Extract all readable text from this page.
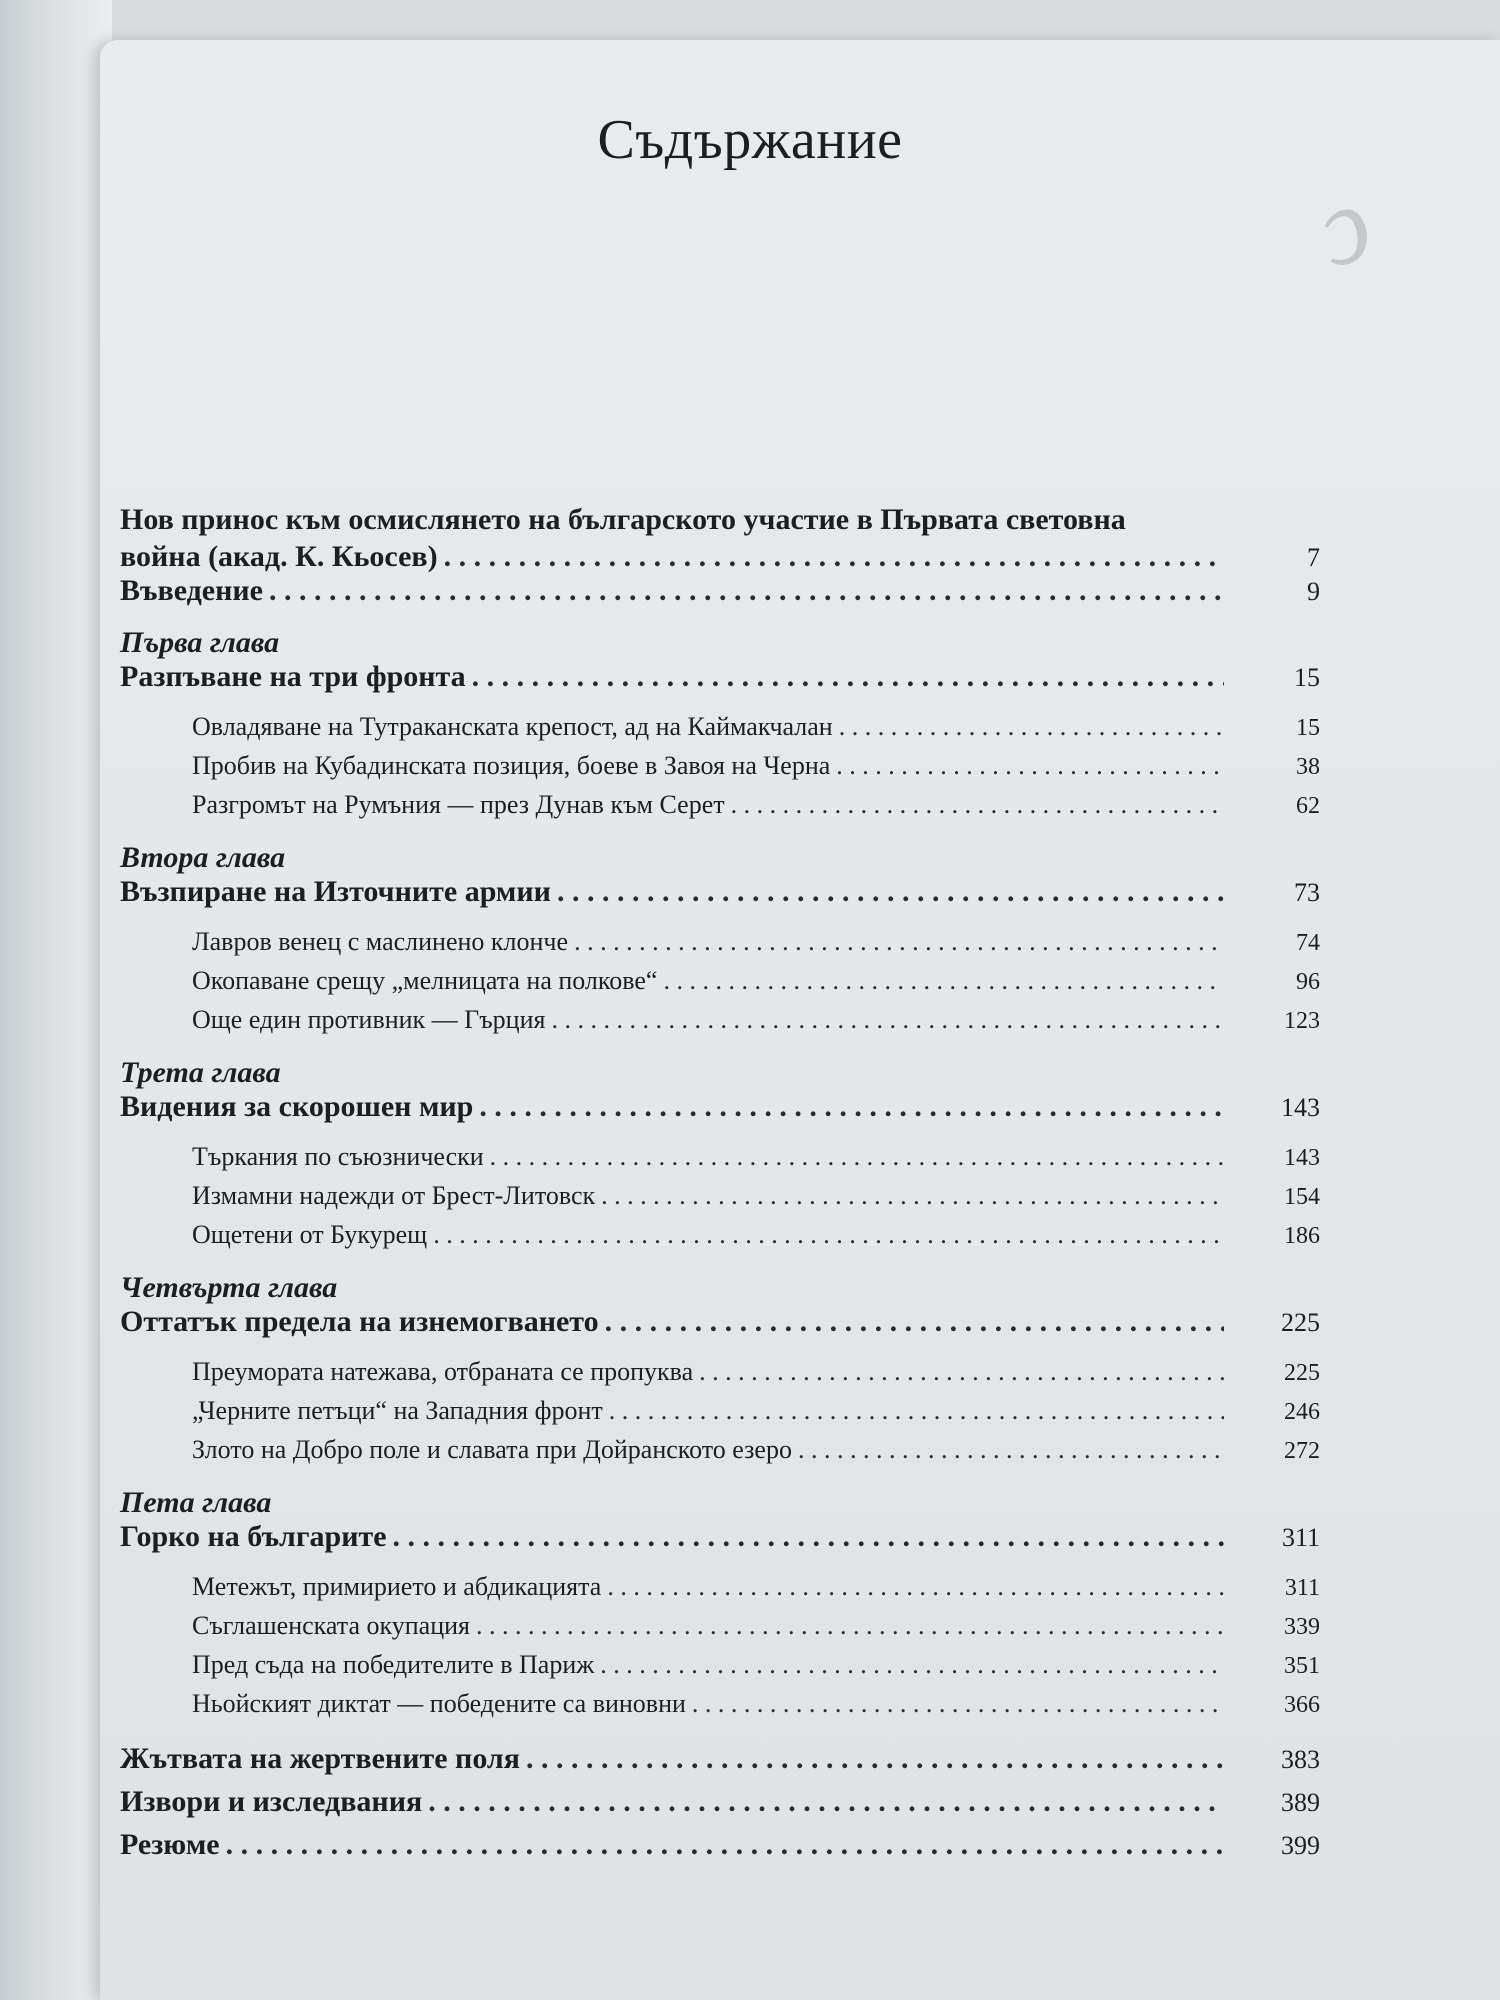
ↄ
Съдържание
Нов принос към осмислянето на българското участие в Първата световна
война (акад. К. Кьосев) . . .	7
Въведение . . .	9
Първа глава
Разпъване на три фронта . . .	15
Овладяване на Тутраканската крепост, ад на Каймакчалан . . .	15
Пробив на Кубадинската позиция, боеве в Завоя на Черна . . .	38
Разгромът на Румъния — през Дунав към Серет . . .	62
Втора глава
Възпиране на Източните армии . . .	73
Лавров венец с маслинено клонче . . .	74
Окопаване срещу „мелницата на полкове“ . . .	96
Още един противник — Гърция . . .	123
Трета глава
Видения за скорошен мир . . .	143
Търкания по съюзнически . . .	143
Измамни надежди от Брест-Литовск . . .	154
Ощетени от Букурещ . . .	186
Четвърта глава
Оттатък предела на изнемогването . . .	225
Преумората натежава, отбраната се пропуква . . .	225
„Черните петъци“ на Западния фронт . . .	246
Злото на Добро поле и славата при Дойранското езеро . . .	272
Пета глава
Горко на българите . . .	311
Метежът, примирието и абдикацията . . .	311
Съглашенската окупация . . .	339
Пред съда на победителите в Париж . . .	351
Ньойският диктат — победените са виновни . . .	366
Жътвата на жертвените поля . . .	383
Извори и изследвания . . .	389
Резюме . . .	399
